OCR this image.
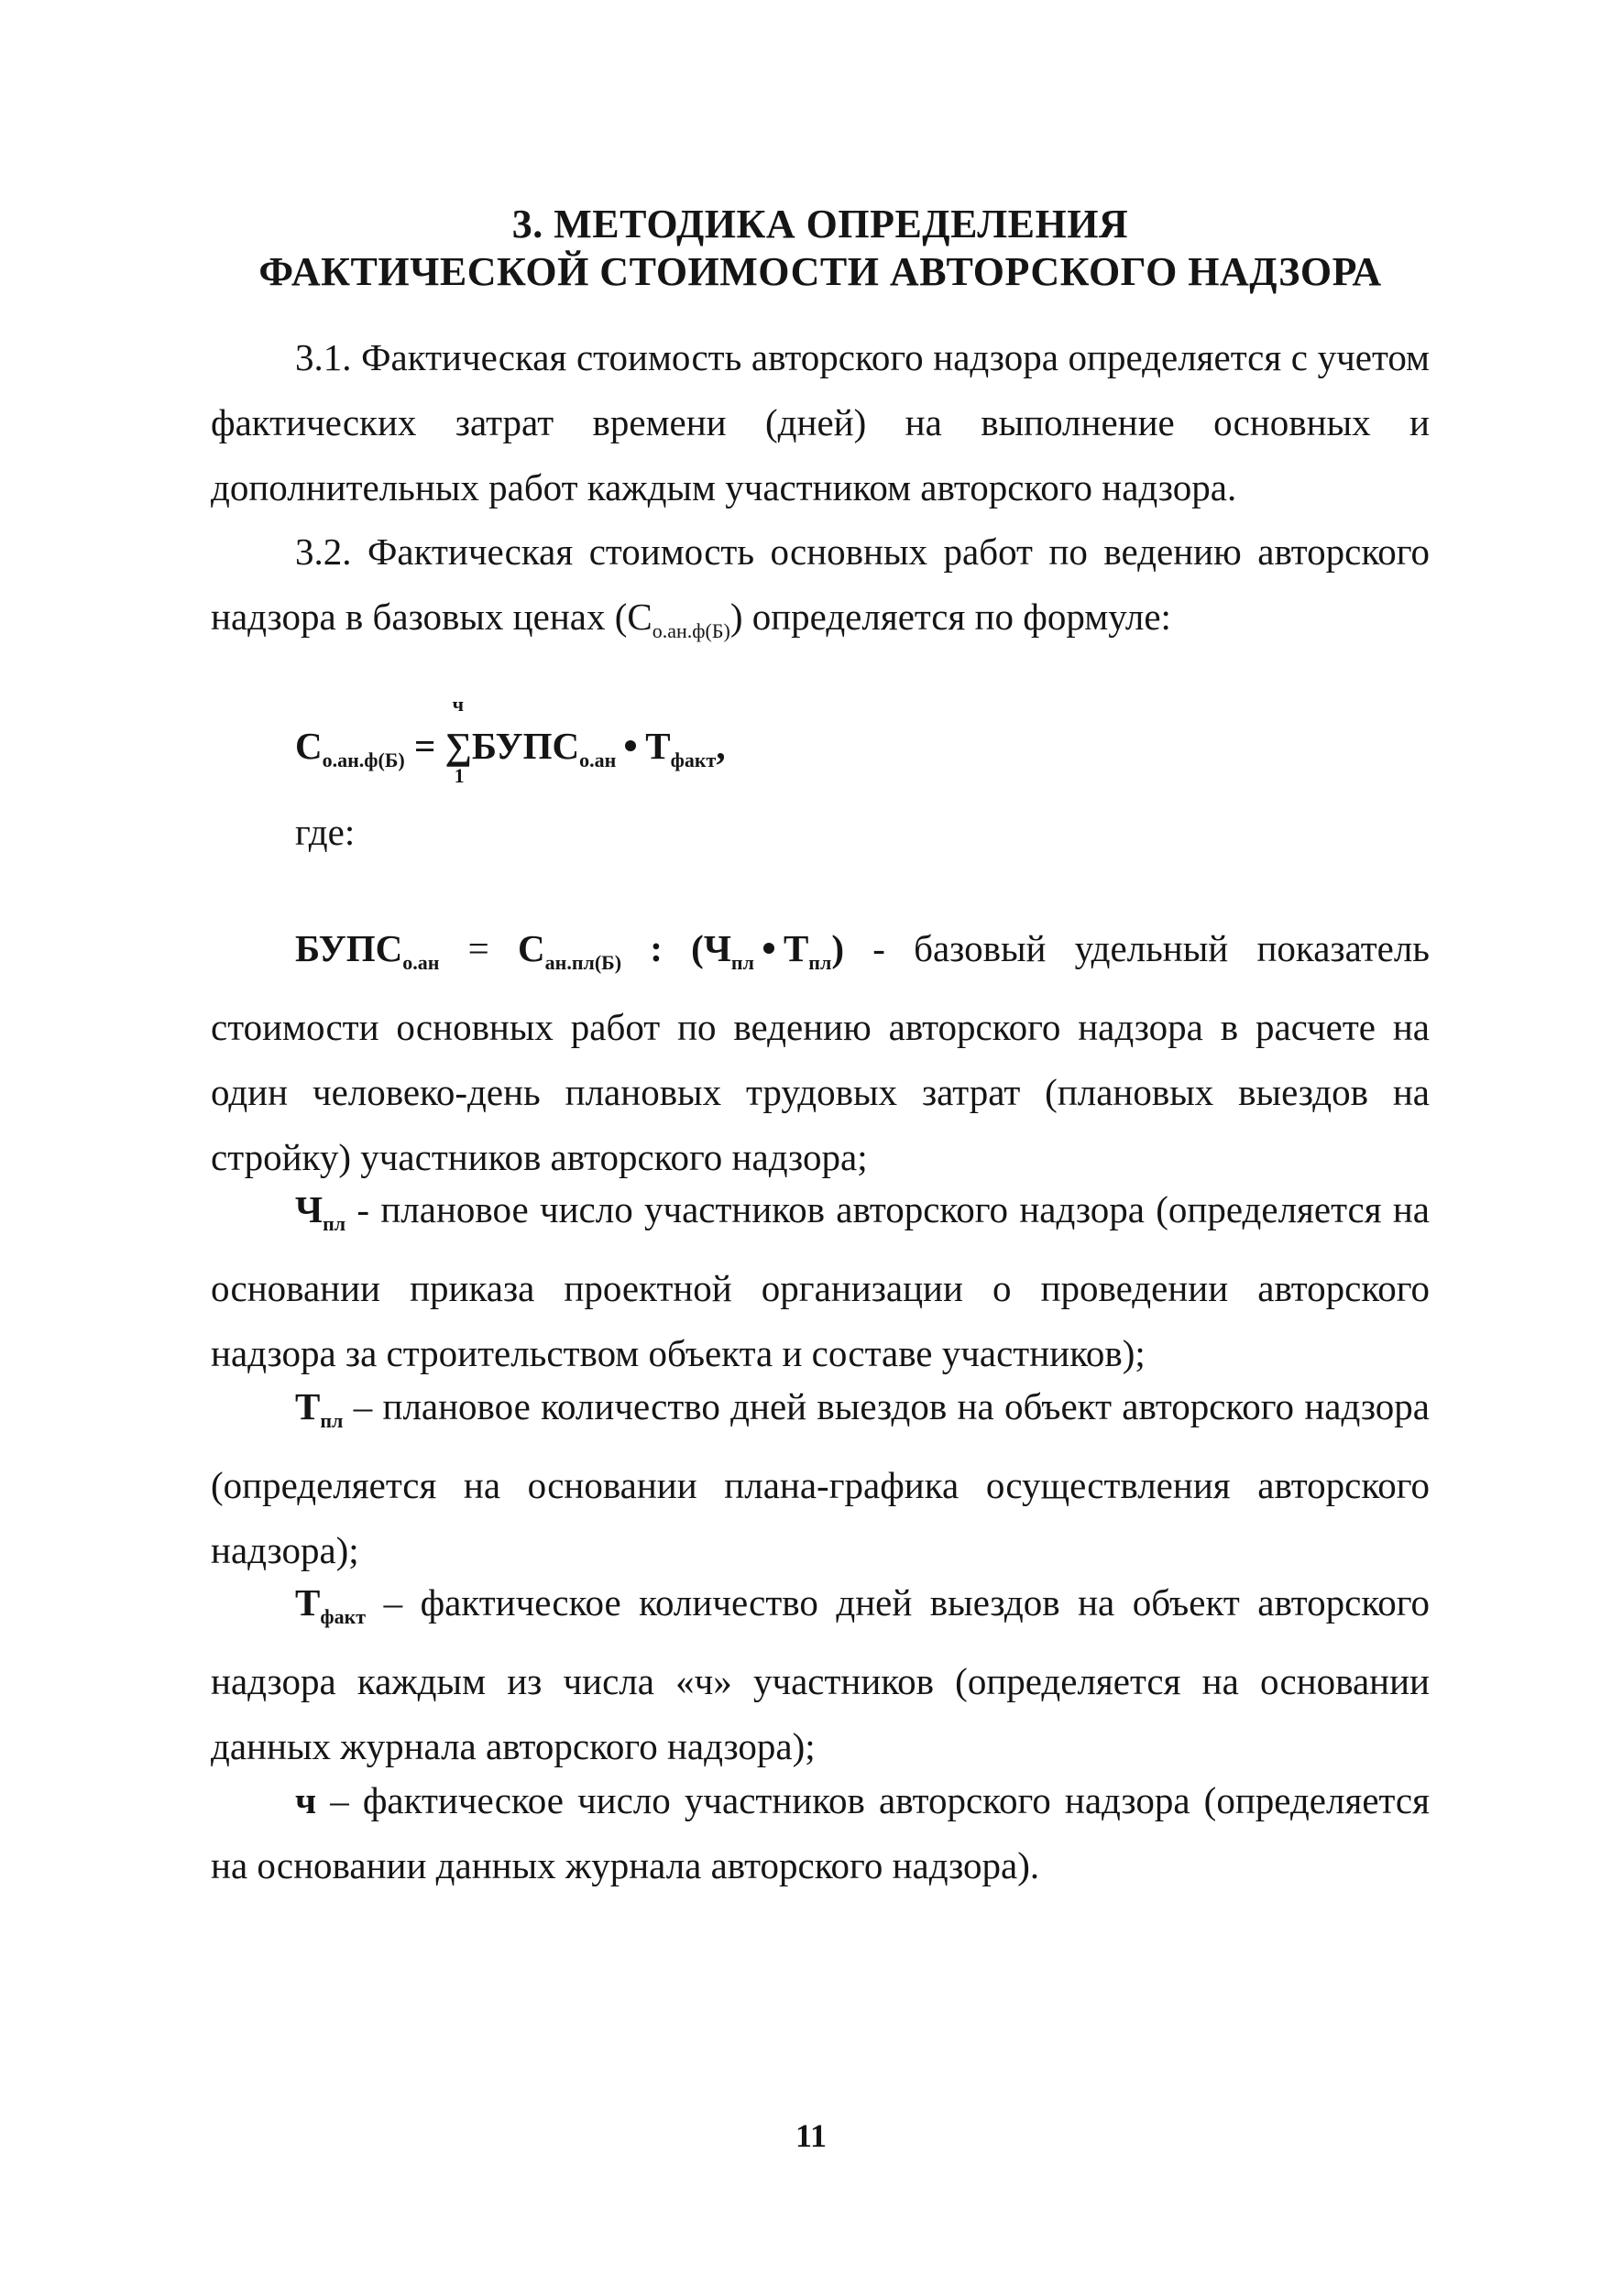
3. МЕТОДИКА ОПРЕДЕЛЕНИЯ
ФАКТИЧЕСКОЙ СТОИМОСТИ АВТОРСКОГО НАДЗОРА
3.1. Фактическая стоимость авторского надзора определяется с учетом фактических затрат времени (дней) на выполнение основных и дополнительных работ каждым участником авторского надзора.
3.2. Фактическая стоимость основных работ по ведению авторского надзора в базовых ценах $(С_{о.ан.ф(Б)})$ определяется по формуле:
$С_{о.ан.ф(Б)}$ =
ч
∑
1
$БУПС_{о.ан}$ $Т_{факт}$,
где:
$БУПС_{о.ан} = С_{ан.пл(Б)}$ : ($Ч_{пл}$ $Т_{пл}$) - базовый удельный показатель стоимости основных работ по ведению авторского надзора в расчете на один человеко-день плановых трудовых затрат (плановых выездов на стройку) участников авторского надзора;
$Ч_{пл}$ - плановое число участников авторского надзора (определяется на основании приказа проектной организации о проведении авторского надзора за строительством объекта и составе участников);
$Т_{пл}$ – плановое количество дней выездов на объект авторского надзора (определяется на основании плана-графика осуществления авторского надзора);
$Т_{факт}$ – фактическое количество дней выездов на объект авторского надзора каждым из числа «ч» участников (определяется на основании данных журнала авторского надзора);
ч – фактическое число участников авторского надзора (определяется на основании данных журнала авторского надзора).
11
